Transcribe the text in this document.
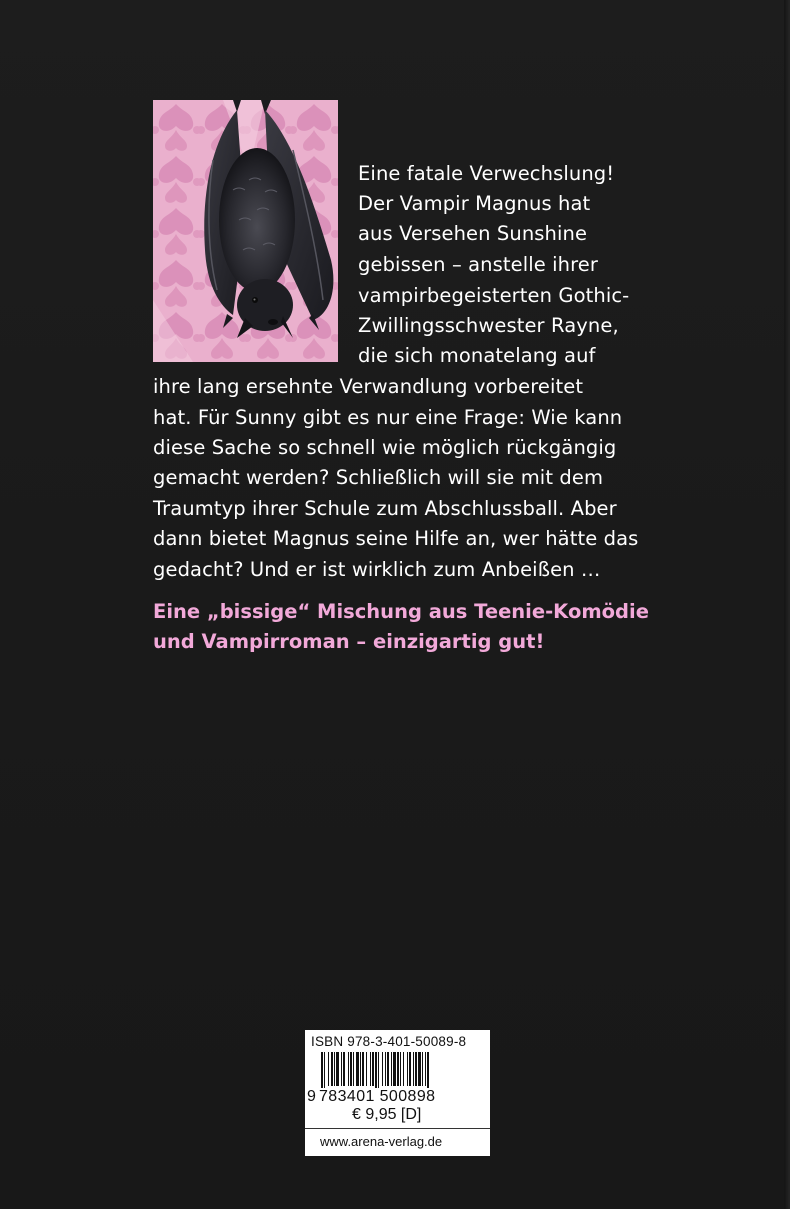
Eine fatale Verwechslung!
Der Vampir Magnus hat
aus Versehen Sunshine
gebissen – anstelle ihrer
vampirbegeisterten Gothic-
Zwillingsschwester Rayne,
die sich monatelang auf
ihre lang ersehnte Verwandlung vorbereitet
hat. Für Sunny gibt es nur eine Frage: Wie kann
diese Sache so schnell wie möglich rückgängig
gemacht werden? Schließlich will sie mit dem
Traumtyp ihrer Schule zum Abschlussball. Aber
dann bietet Magnus seine Hilfe an, wer hätte das
gedacht? Und er ist wirklich zum Anbeißen …
Eine „bissige“ Mischung aus Teenie-Komödie
und Vampirroman – einzigartig gut!
ISBN 978-3-401-50089-8
9 783401 500898
€ 9,95 [D]
www.arena-verlag.de
